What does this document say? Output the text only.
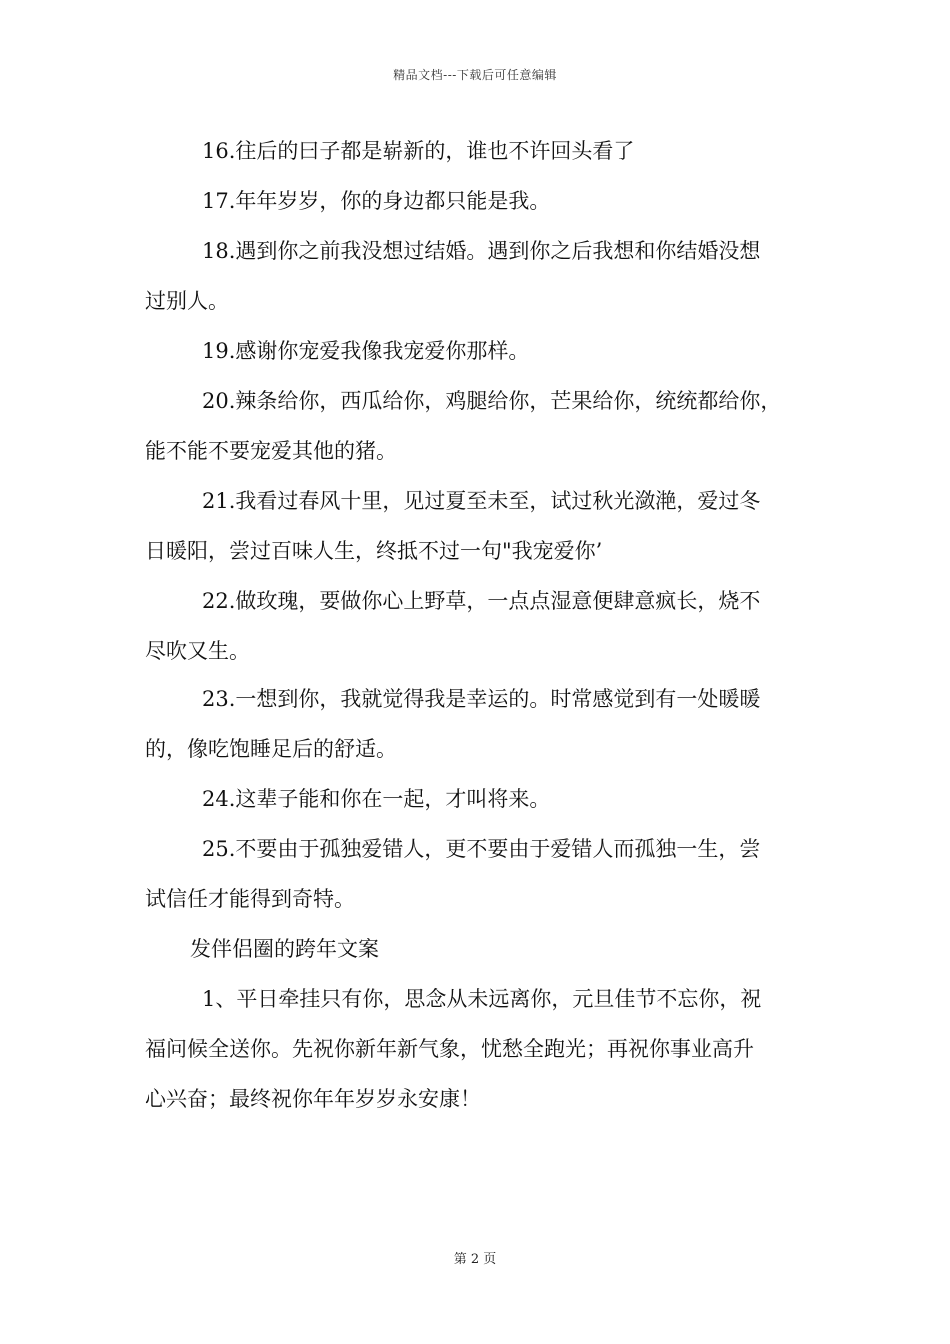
精品文档---下载后可任意编辑
16.往后的曰子都是崭新的，谁也不许回头看了
17.年年岁岁，你的身边都只能是我。
18.遇到你之前我没想过结婚。遇到你之后我想和你结婚没想
过别人。
19.感谢你宠爱我像我宠爱你那样。
20.辣条给你，西瓜给你，鸡腿给你，芒果给你，统统都给你，
能不能不要宠爱其他的猪。
21.我看过春风十里，见过夏至未至，试过秋光潋滟，爱过冬
日暖阳，尝过百味人生，终抵不过一句"我宠爱你’
22.做玫瑰，要做你心上野草，一点点湿意便肆意疯长，烧不
尽吹又生。
23.一想到你，我就觉得我是幸运的。时常感觉到有一处暖暖
的，像吃饱睡足后的舒适。
24.这辈子能和你在一起，才叫将来。
25.不要由于孤独爱错人，更不要由于爱错人而孤独一生，尝
试信任才能得到奇特。
发伴侣圈的跨年文案
1、平日牵挂只有你，思念从未远离你，元旦佳节不忘你，祝
福问候全送你。先祝你新年新气象，忧愁全跑光；再祝你事业高升
心兴奋；最终祝你年年岁岁永安康！
第 2 页
